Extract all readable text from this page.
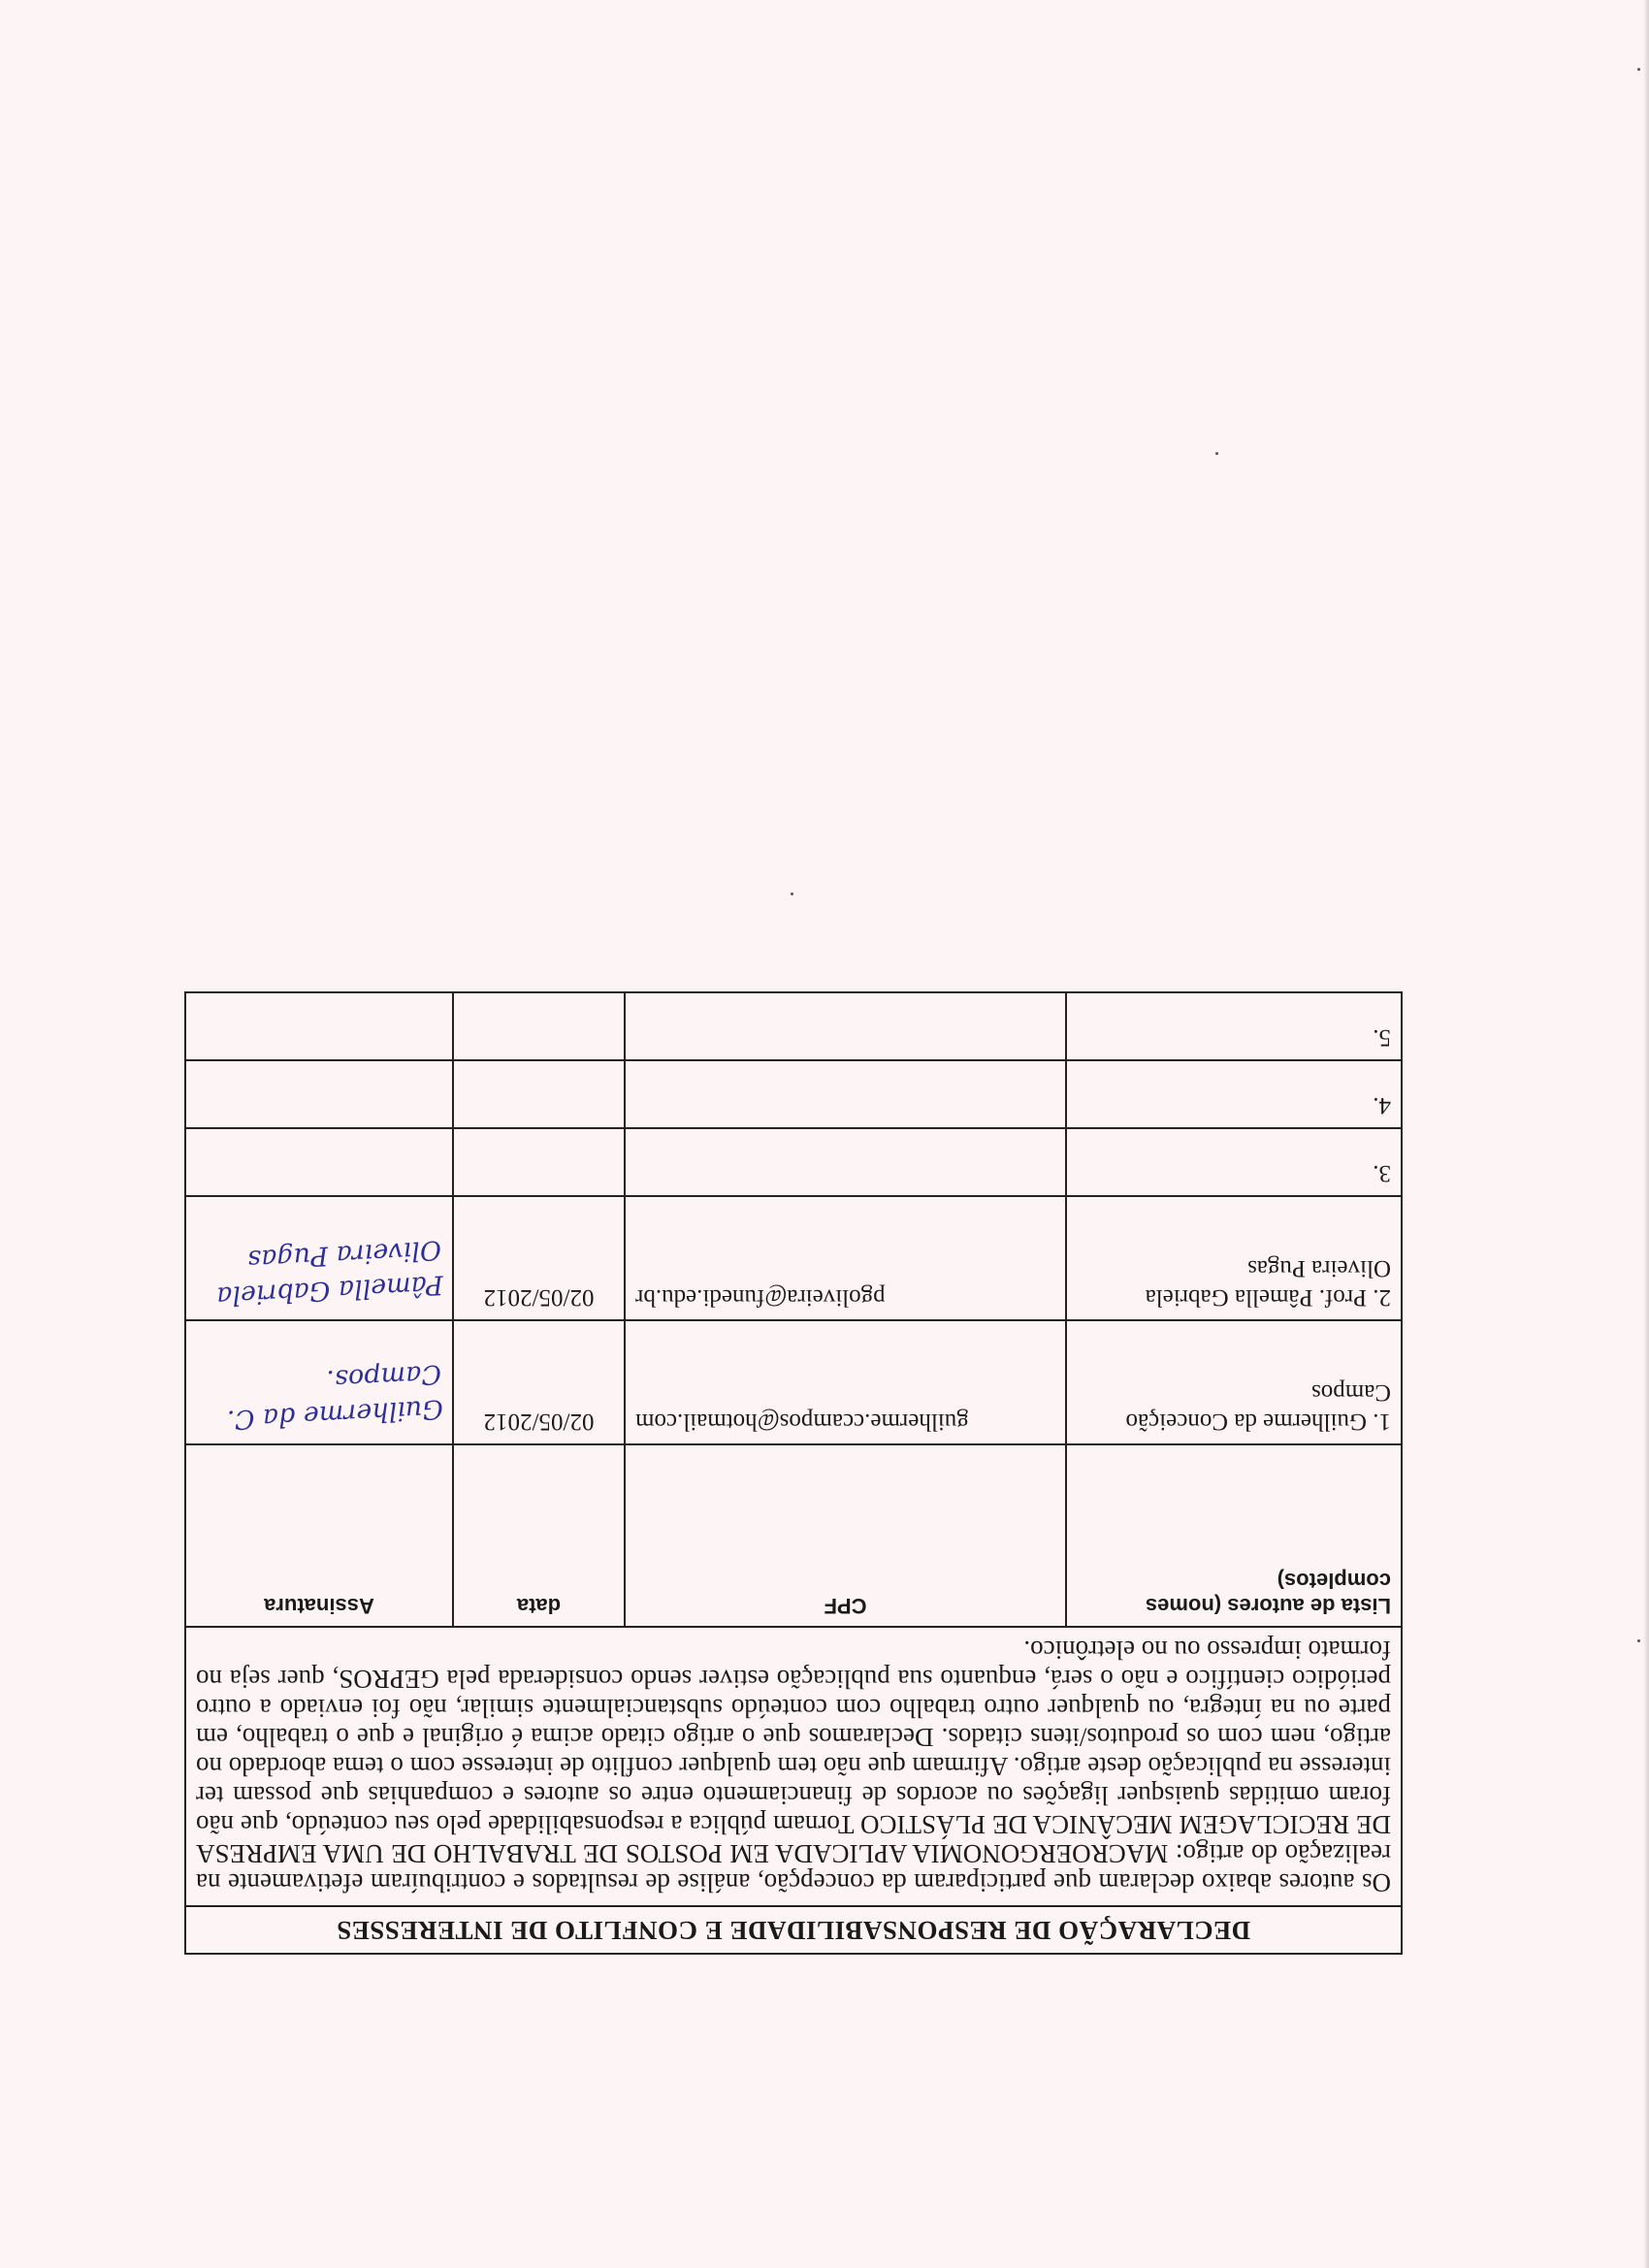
DECLARAÇÃO DE RESPONSABILIDADE E CONFLITO DE INTERESSES			
Os autores abaixo declaram que participaram da concepção, análise de resultados e contribuíram efetivamente na realização do artigo: MACROERGONOMIA APLICADA EM POSTOS DE TRABALHO DE UMA EMPRESA DE RECICLAGEM MECÂNICA DE PLÁSTICO Tornam pública a responsabilidade pelo seu conteúdo, que não foram omitidas quaisquer ligações ou acordos de financiamento entre os autores e companhias que possam ter interesse na publicação deste artigo. Afirmam que não tem qualquer conflito de interesse com o tema abordado no artigo, nem com os produtos/itens citados. Declaramos que o artigo citado acima é original e que o trabalho, em parte ou na íntegra, ou qualquer outro trabalho com conteúdo substancialmente similar, não foi enviado a outro periódico científico e não o será, enquanto sua publicação estiver sendo considerada pela GEPROS, quer seja no formato impresso ou no eletrônico.			
Lista de autores (nomes completos)	CPF	data	Assinatura
1. Guilherme da Conceição Campos	guilherme.ccampos@hotmail.com	02/05/2012	Guilherme da C. Campos.
2. Prof. Pâmella Gabriela Oliveira Pugas	pgoliveira@funedi.edu.br	02/05/2012	Pâmella Gabriela Oliveira Pugas
3.			
4.			
5.			
